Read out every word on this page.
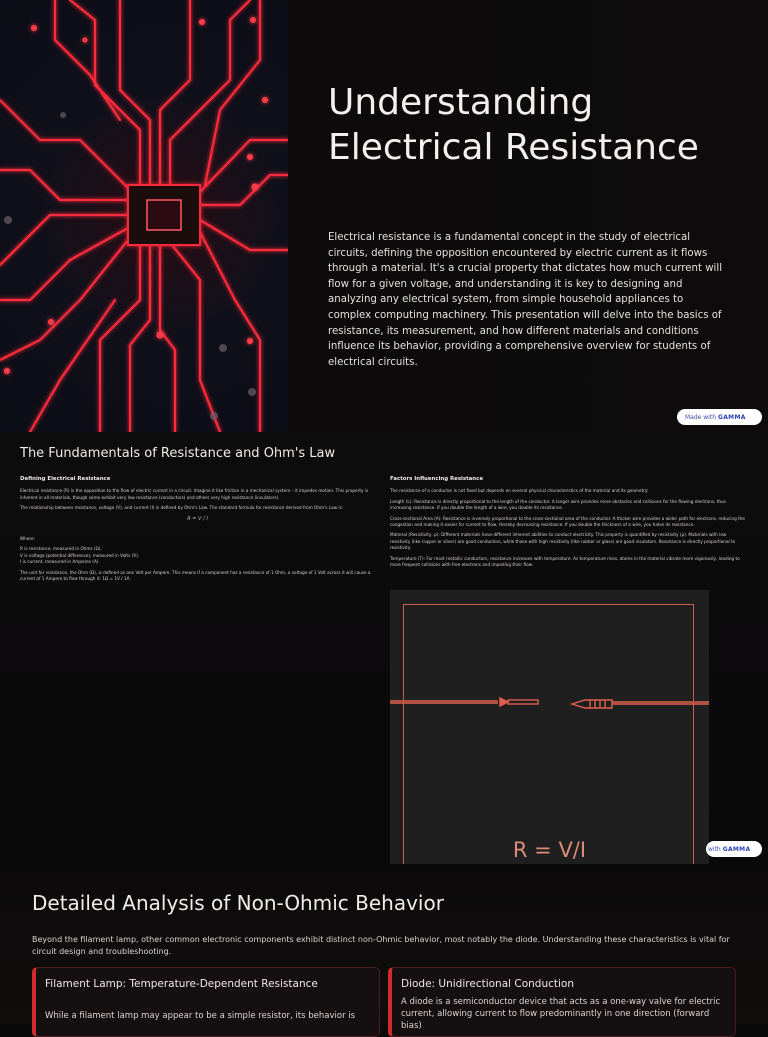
Understanding
Electrical Resistance

Electrical resistance is a fundamental concept in the study of electrical circuits, defining the opposition encountered by electric current as it flows through a material. It's a crucial property that dictates how much current will flow for a given voltage, and understanding it is key to designing and analyzing any electrical system, from simple household appliances to complex computing machinery. This presentation will delve into the basics of resistance, its measurement, and how different materials and conditions influence its behavior, providing a comprehensive overview for students of electrical circuits.

Made with GAMMA
The Fundamentals of Resistance and Ohm's Law
Defining Electrical Resistance

Electrical resistance (R) is the opposition to the flow of electric current in a circuit. Imagine it like friction in a mechanical system – it impedes motion. This property is inherent in all materials, though some exhibit very low resistance (conductors) and others very high resistance (insulators).

The relationship between resistance, voltage (V), and current (I) is defined by Ohm's Law. The standard formula for resistance derived from Ohm's Law is:

R = V / I

Where:

R is resistance, measured in Ohms (Ω).

V is voltage (potential difference), measured in Volts (V).

I is current, measured in Amperes (A).

The unit for resistance, the Ohm (Ω), is defined as one Volt per Ampere. This means if a component has a resistance of 1 Ohm, a voltage of 1 Volt across it will cause a current of 1 Ampere to flow through it: 1Ω = 1V / 1A.

Factors Influencing Resistance

The resistance of a conductor is not fixed but depends on several physical characteristics of the material and its geometry:

Length (L): Resistance is directly proportional to the length of the conductor. A longer wire provides more obstacles and collisions for the flowing electrons, thus increasing resistance. If you double the length of a wire, you double its resistance.

Cross-sectional Area (A): Resistance is inversely proportional to the cross-sectional area of the conductor. A thicker wire provides a wider path for electrons, reducing the congestion and making it easier for current to flow, thereby decreasing resistance. If you double the thickness of a wire, you halve its resistance.

Material (Resistivity, ρ): Different materials have different inherent abilities to conduct electricity. This property is quantified by resistivity (ρ). Materials with low resistivity (like copper or silver) are good conductors, while those with high resistivity (like rubber or glass) are good insulators. Resistance is directly proportional to resistivity.

Temperature (T): For most metallic conductors, resistance increases with temperature. As temperature rises, atoms in the material vibrate more vigorously, leading to more frequent collisions with free electrons and impeding their flow.

R = V/I	with GAMMA
Detailed Analysis of Non-Ohmic Behavior

Beyond the filament lamp, other common electronic components exhibit distinct non-Ohmic behavior, most notably the diode. Understanding these characteristics is vital for circuit design and troubleshooting.

Filament Lamp: Temperature-Dependent Resistance

While a filament lamp may appear to be a simple resistor, its behavior is

Diode: Unidirectional Conduction

A diode is a semiconductor device that acts as a one-way valve for electric current, allowing current to flow predominantly in one direction (forward bias)
